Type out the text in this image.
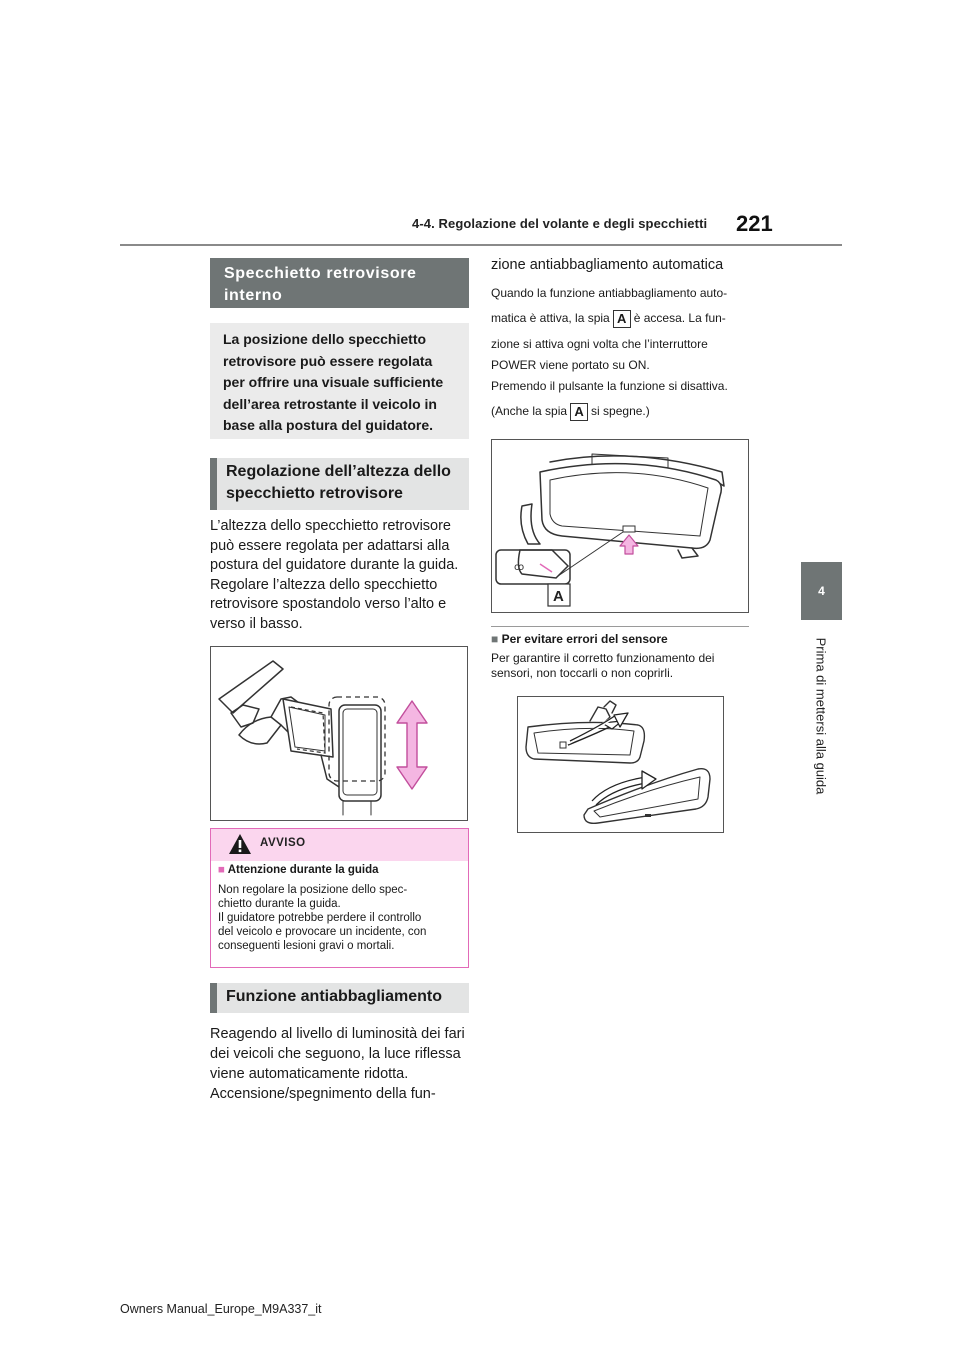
4-4. Regolazione del volante e degli specchietti 221
4
Prima di mettersi alla guida
Specchietto retrovisore interno
La posizione dello specchietto
retrovisore può essere regolata
per offrire una visuale sufficiente
dell’area retrostante il veicolo in
base alla postura del guidatore.
Regolazione dell’altezza dello specchietto retrovisore
L’altezza dello specchietto retrovisore
può essere regolata per adattarsi alla
postura del guidatore durante la guida.
Regolare l’altezza dello specchietto
retrovisore spostandolo verso l’alto e
verso il basso.
AVVISO
■ Attenzione durante la guida
Non regolare la posizione dello spec-
chietto durante la guida.
Il guidatore potrebbe perdere il controllo
del veicolo e provocare un incidente, con
conseguenti lesioni gravi o mortali.
Funzione antiabbagliamento
Reagendo al livello di luminosità dei fari
dei veicoli che seguono, la luce riflessa
viene automaticamente ridotta.
Accensione/spegnimento della fun-
zione antiabbagliamento automatica
Quando la funzione antiabbagliamento auto-
matica è attiva, la spia A è accesa. La fun-
zione si attiva ogni volta che l’interruttore
POWER viene portato su ON.
Premendo il pulsante la funzione si disattiva.
(Anche la spia A si spegne.)
ꝏ
A
■ Per evitare errori del sensore
Per garantire il corretto funzionamento dei
sensori, non toccarli o non coprirli.
Owners Manual_Europe_M9A337_it
